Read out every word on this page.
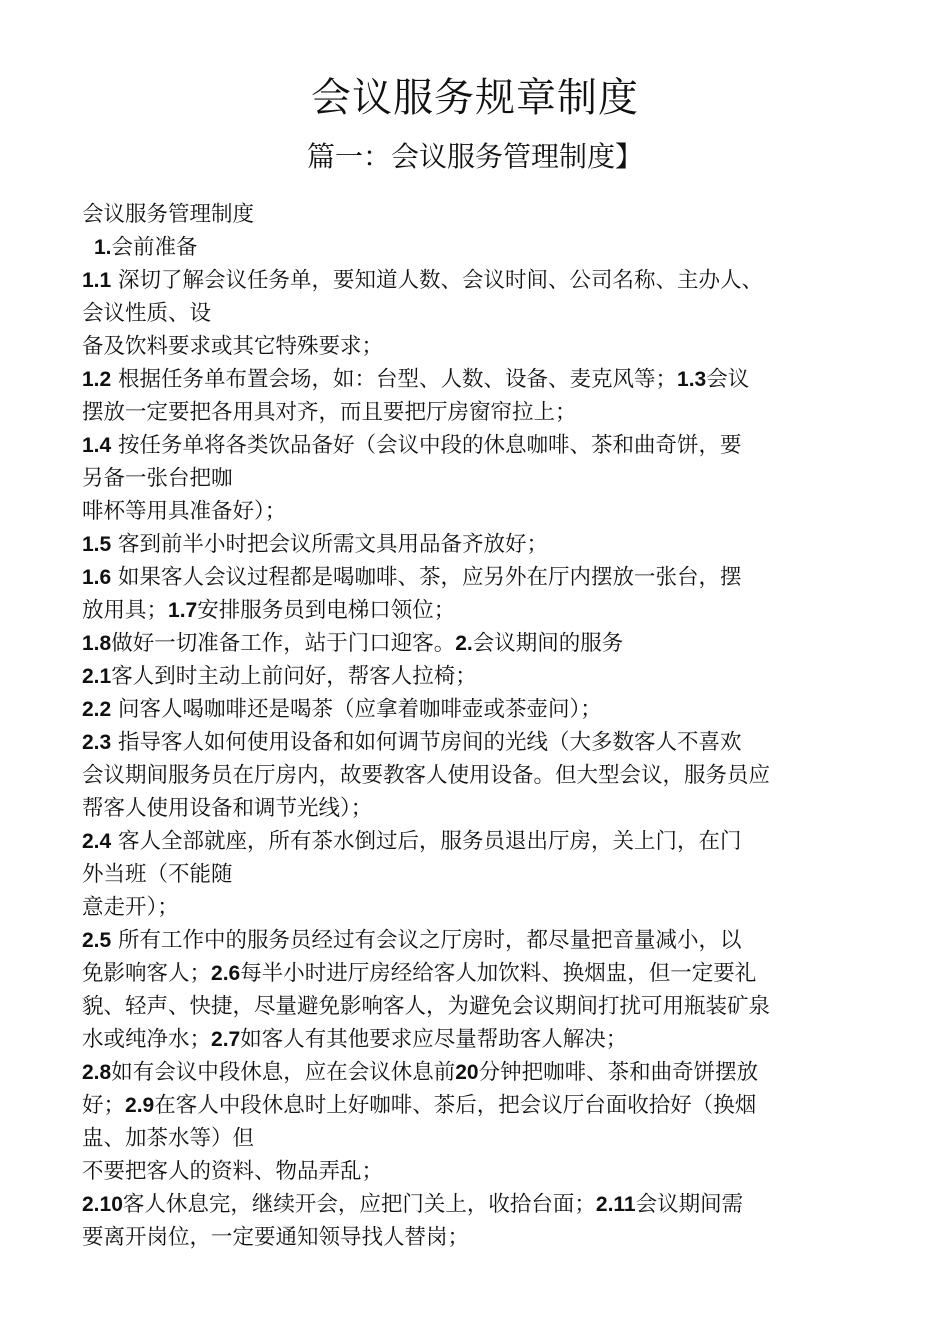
会议服务规章制度
篇一：会议服务管理制度】
会议服务管理制度
1.会前准备
1.1 深切了解会议任务单，要知道人数、会议时间、公司名称、主办人、
会议性质、设
备及饮料要求或其它特殊要求；
1.2 根据任务单布置会场，如：台型、人数、设备、麦克风等；1.3会议
摆放一定要把各用具对齐，而且要把厅房窗帘拉上；
1.4 按任务单将各类饮品备好（会议中段的休息咖啡、茶和曲奇饼，要
另备一张台把咖
啡杯等用具准备好）；
1.5 客到前半小时把会议所需文具用品备齐放好；
1.6 如果客人会议过程都是喝咖啡、茶，应另外在厅内摆放一张台，摆
放用具；1.7安排服务员到电梯口领位；
1.8做好一切准备工作，站于门口迎客。2.会议期间的服务
2.1客人到时主动上前问好，帮客人拉椅；
2.2 问客人喝咖啡还是喝茶（应拿着咖啡壶或茶壶问）；
2.3 指导客人如何使用设备和如何调节房间的光线（大多数客人不喜欢
会议期间服务员在厅房内，故要教客人使用设备。但大型会议，服务员应
帮客人使用设备和调节光线）；
2.4 客人全部就座，所有茶水倒过后，服务员退出厅房，关上门，在门
外当班（不能随
意走开）；
2.5 所有工作中的服务员经过有会议之厅房时，都尽量把音量减小，以
免影响客人；2.6每半小时进厅房经给客人加饮料、换烟盅，但一定要礼
貌、轻声、快捷，尽量避免影响客人，为避免会议期间打扰可用瓶装矿泉
水或纯净水；2.7如客人有其他要求应尽量帮助客人解决；
2.8如有会议中段休息，应在会议休息前20分钟把咖啡、茶和曲奇饼摆放
好；2.9在客人中段休息时上好咖啡、茶后，把会议厅台面收拾好（换烟
盅、加茶水等）但
不要把客人的资料、物品弄乱；
2.10客人休息完，继续开会，应把门关上，收拾台面；2.11会议期间需
要离开岗位，一定要通知领导找人替岗；
